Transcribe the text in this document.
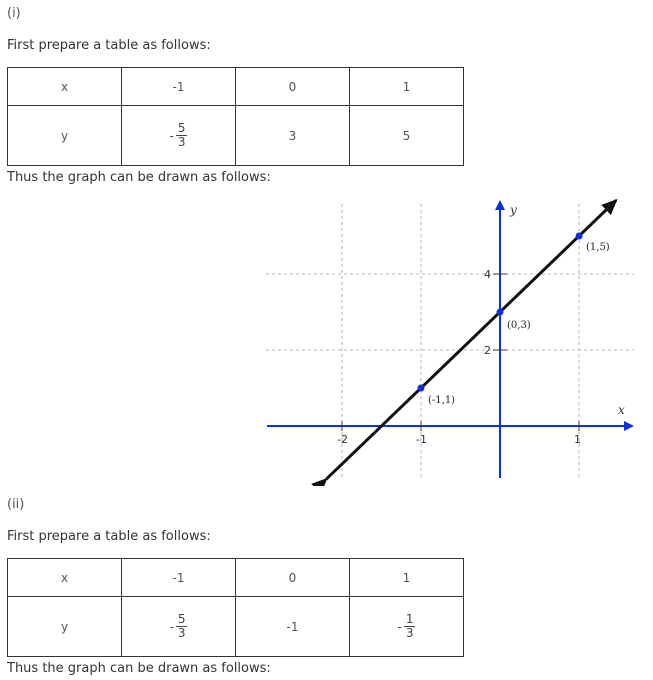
(i)
First prepare a table as follows:
x	-1	0	1
y	- $\frac{5}{3}$	3	5
Thus the graph can be drawn as follows:
x
y
-2	-1	1
4
2
(-1,1)
(0,3)
(1,5)
(ii)
First prepare a table as follows:
x	-1	0	1
y	- $\frac{5}{3}$	-1	- $\frac{1}{3}$
Thus the graph can be drawn as follows:
